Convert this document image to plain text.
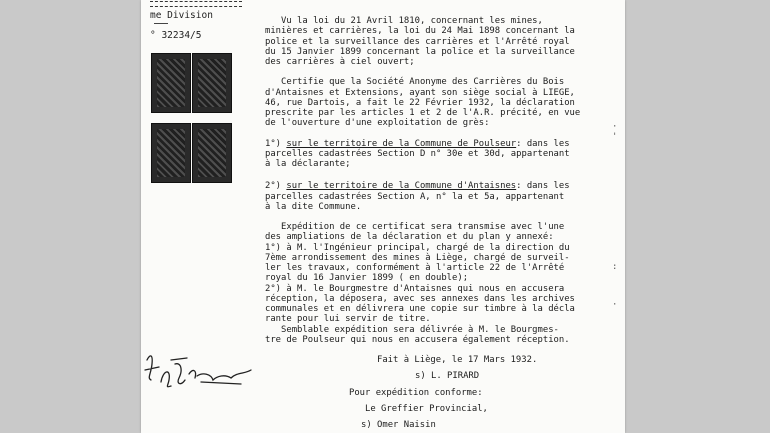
me Division
° 32234/5

Vu la loi du 21 Avril 1810, concernant les mines,

minières et carrières, la loi du 24 Mai 1898 concernant la

police et la surveillance des carrières et l'Arrêté royal

du 15 Janvier 1899 concernant la police et la surveillance

des carrières à ciel ouvert;

Certifie que la Société Anonyme des Carrières du Bois

d'Antaisnes et Extensions, ayant son siège social à LIEGE,

46, rue Dartois, a fait le 22 Février 1932, la déclaration

prescrite par les articles 1 et 2 de l'A.R. précité, en vue

de l'ouverture d'une exploitation de grès:

1°) sur le territoire de la Commune de Poulseur: dans les

parcelles cadastrées Section D n° 30e et 30d, appartenant

à la déclarante;

2°) sur le territoire de la Commune d'Antaisnes: dans les

parcelles cadastrées Section A, n° la et 5a, appartenant

à la dite Commune.

Expédition de ce certificat sera transmise avec l'une

des ampliations de la déclaration et du plan y annexé:

1°) à M. l'Ingénieur principal, chargé de la direction du

7ème arrondissement des mines à Liège, chargé de surveil-

ler les travaux, conformément à l'article 22 de l'Arrêté

royal du 16 Janvier 1899 ( en double);

2°) à M. le Bourgmestre d'Antaisnes qui nous en accusera

réception, la déposera, avec ses annexes dans les archives

communales et en délivrera une copie sur timbre à la décla

rante pour lui servir de titre.

Semblable expédition sera délivrée à M. le Bourgmes-

tre de Poulseur qui nous en accusera également réception.

Fait à Liège, le 17 Mars 1932.

s) L. PIRARD

Pour expédition conforme:

Le Greffier Provincial,

s) Omer Naisin

·
'
:
·
